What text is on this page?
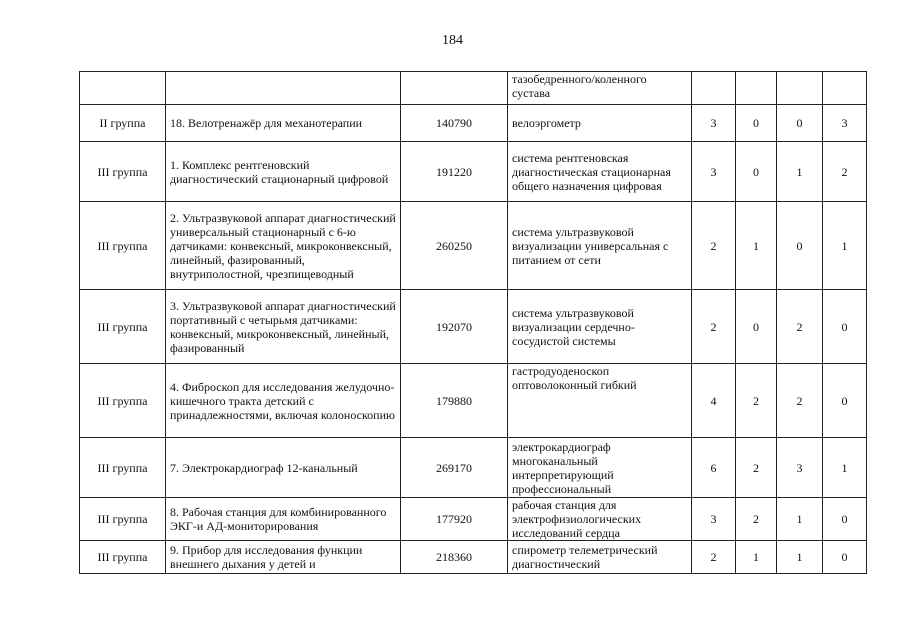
184
			тазобедренного/коленного сустава				
II группа	18. Велотренажёр для механотерапии	140790	велоэргометр	3	0	0	3
III группа	1. Комплекс рентгеновский диагностический стационарный цифровой	191220	система рентгеновская диагностическая стационарная общего назначения цифровая	3	0	1	2
III группа	2. Ультразвуковой аппарат диагностический универсальный стационарный с 6-ю датчиками: конвексный, микроконвексный, линейный, фазированный, внутриполостной, чрезпищеводный	260250	система ультразвуковой визуализации универсальная с питанием от сети	2	1	0	1
III группа	3. Ультразвуковой аппарат диагностический портативный с четырьмя датчиками: конвексный, микроконвексный, линейный, фазированный	192070	система ультразвуковой визуализации сердечно-сосудистой системы	2	0	2	0
III группа	4. Фиброскоп для исследования желудочно-кишечного тракта детский с принадлежностями, включая колоноскопию	179880	гастродуоденоскоп оптоволоконный гибкий	4	2	2	0
III группа	7. Электрокардиограф 12-канальный	269170	электрокардиограф многоканальный интерпретирующий профессиональный	6	2	3	1
III группа	8. Рабочая станция для комбинированного ЭКГ-и АД-мониторирования	177920	рабочая станция для электрофизиологических исследований сердца	3	2	1	0
III группа	9. Прибор для исследования функции внешнего дыхания у детей и	218360	спирометр телеметрический диагностический	2	1	1	0
